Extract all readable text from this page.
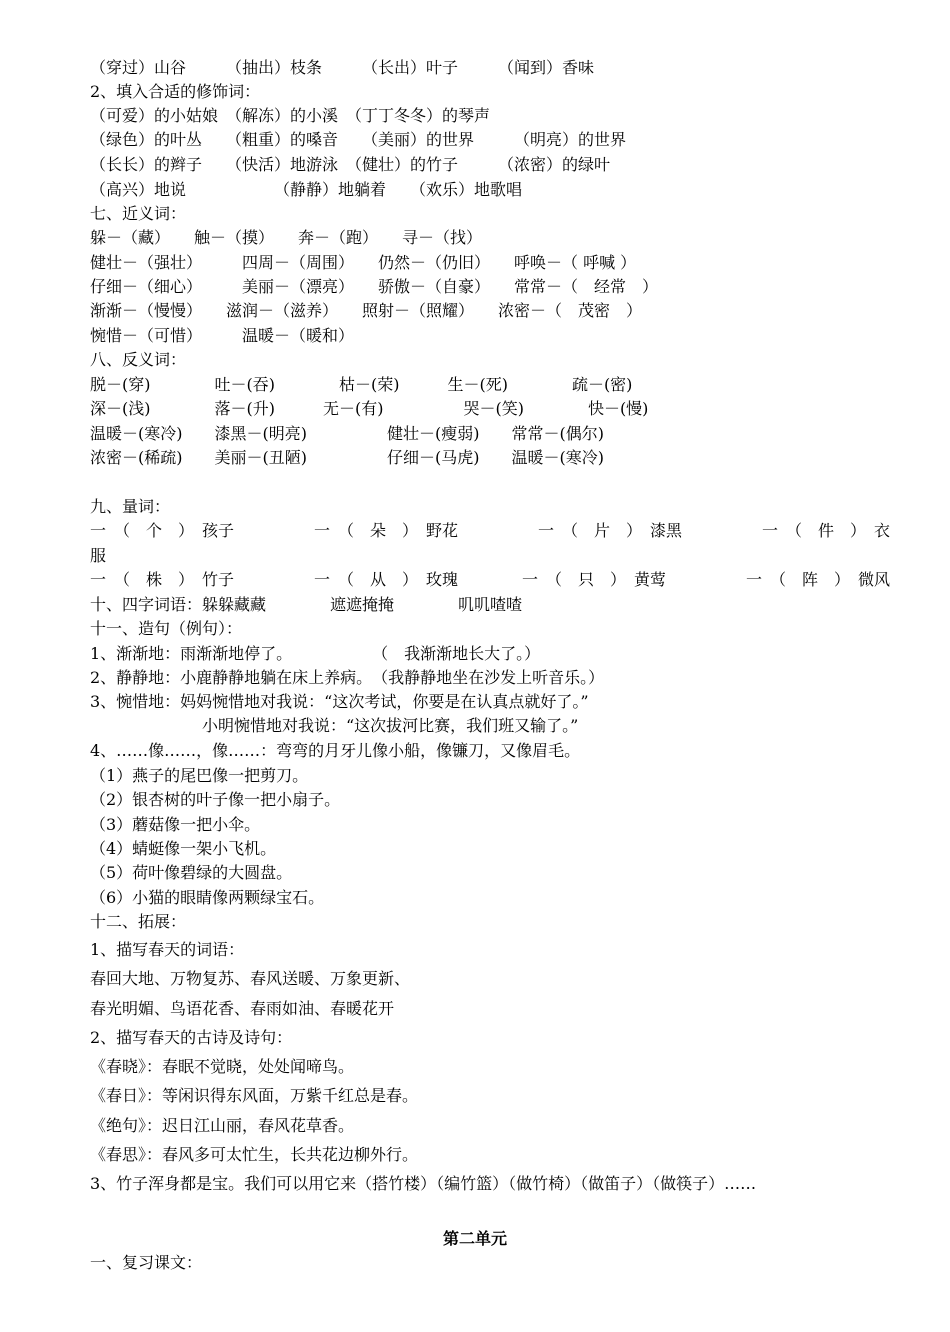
（穿过）山谷　　　（抽出）枝条　　　（长出）叶子　　　（闻到）香味
2、填入合适的修饰词：
（可爱）的小姑娘　（解冻）的小溪　（丁丁冬冬）的琴声
（绿色）的叶丛　　（粗重）的嗓音　　（美丽）的世界　　　（明亮）的世界
（长长）的辫子　　（快活）地游泳　（健壮）的竹子　　　（浓密）的绿叶
（高兴）地说　　　　　　（静静）地躺着　　（欢乐）地歌唱
七、近义词：
躲－（藏）　　触－（摸）　　奔－（跑）　　寻－（找）
健壮－（强壮）　　　四周－（周围）　　仍然－（仍旧）　　呼唤－（ 呼喊 ）
仔细－（细心）　　　美丽－（漂亮）　　骄傲－（自豪）　　常常－（　经常　）
渐渐－（慢慢）　　滋润－（滋养）　　照射－（照耀）　　浓密－（　茂密　）
惋惜－（可惜）　　　温暖－（暖和）
八、反义词：
脱－(穿)　　　　吐－(吞)　　　　枯－(荣)　　　生－(死)　　　　疏－(密)
深－(浅)　　　　落－(升)　　　无－(有)　　　　　哭－(笑)　　　　快－(慢)
温暖－(寒冷)　　漆黑－(明亮)　　　　　健壮－(瘦弱)　　常常－(偶尔)
浓密－(稀疏)　　美丽－(丑陋)　　　　　仔细－(马虎)　　温暖－(寒冷)
九、量词：
一　（　个　）　孩子　　　　　一　（　朵　）　野花　　　　　一　（　片　）　漆黑　　　　　一　（　件　）　衣
服
一　（　株　）　竹子　　　　　一　（　从　）　玫瑰　　　　一　（　只　）　黄莺　　　　　一　（　阵　）　微风
十、四字词语：躲躲藏藏　　　　遮遮掩掩　　　　叽叽喳喳
十一、造句（例句）：
1、渐渐地：雨渐渐地停了。　　　　　　（　我渐渐地长大了。）
2、静静地：小鹿静静地躺在床上养病。　（我静静地坐在沙发上听音乐。）
3、惋惜地：妈妈惋惜地对我说：“这次考试，你要是在认真点就好了。”
　　　　　　　小明惋惜地对我说：“这次拔河比赛，我们班又输了。”
4、……像……，像……：弯弯的月牙儿像小船，像镰刀，又像眉毛。
（1）燕子的尾巴像一把剪刀。
（2）银杏树的叶子像一把小扇子。
（3）蘑菇像一把小伞。
（4）蜻蜓像一架小飞机。
（5）荷叶像碧绿的大圆盘。
（6）小猫的眼睛像两颗绿宝石。
十二、拓展：
1、描写春天的词语：
春回大地、万物复苏、春风送暖、万象更新、
春光明媚、鸟语花香、春雨如油、春暖花开
2、描写春天的古诗及诗句：
《春晓》：春眠不觉晓，处处闻啼鸟。
《春日》：等闲识得东风面，万紫千红总是春。
《绝句》：迟日江山丽，春风花草香。
《春思》：春风多可太忙生，长共花边柳外行。
3、竹子浑身都是宝。我们可以用它来（搭竹楼）（编竹篮）（做竹椅）（做笛子）（做筷子）……
第二单元
一、复习课文：
